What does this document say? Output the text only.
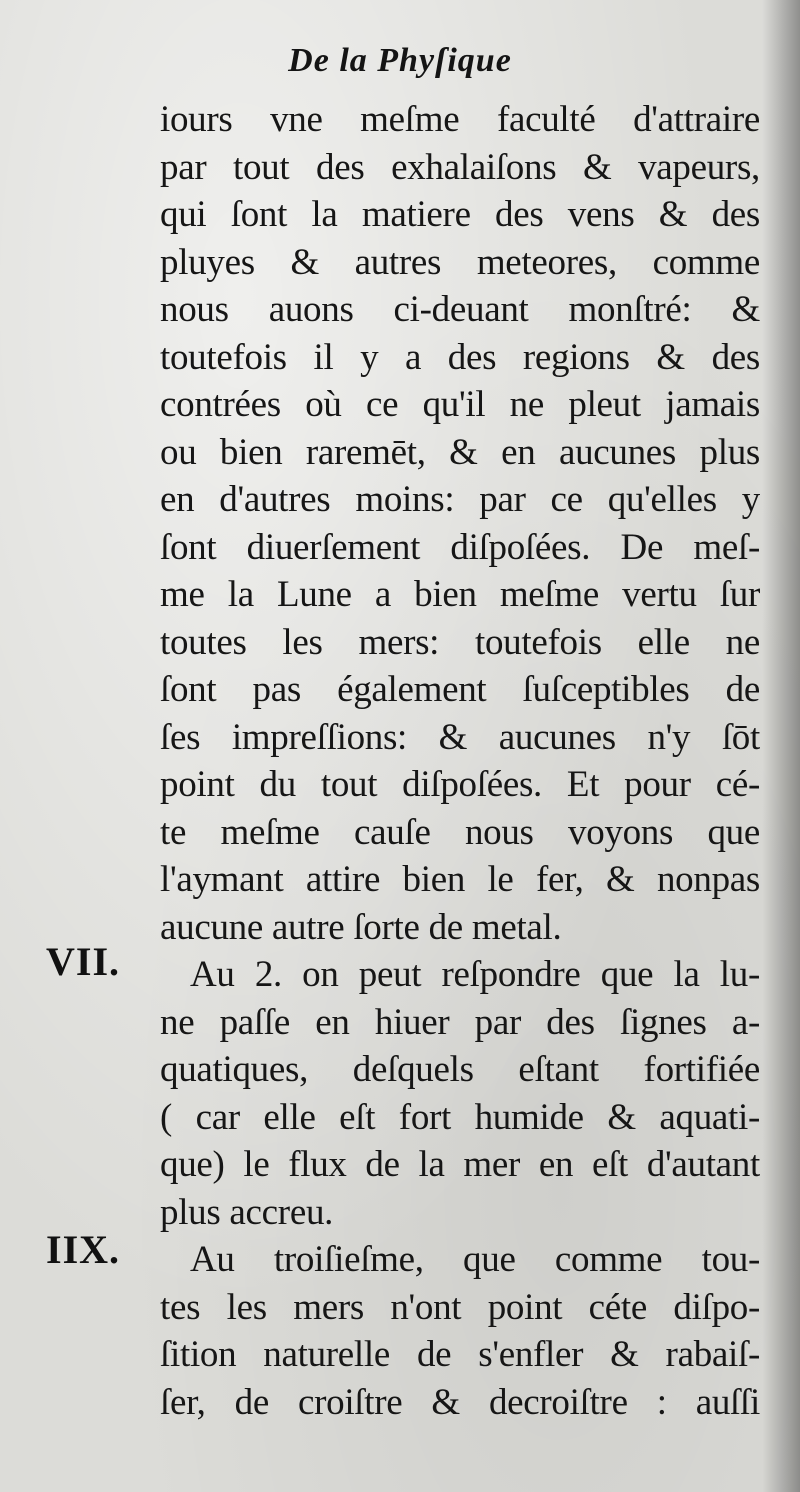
De la Phyſique
VII.
IIX.
iours vne meſme faculté d'attraire
par tout des exhalaiſons & vapeurs,
qui ſont la matiere des vens & des
pluyes & autres meteores, comme
nous auons ci-deuant monſtré: &
toutefois il y a des regions & des
contrées où ce qu'il ne pleut jamais
ou bien raremēt, & en aucunes plus
en d'autres moins: par ce qu'elles y
ſont diuerſement diſpoſées. De meſ-
me la Lune a bien meſme vertu ſur
toutes les mers: toutefois elle ne
ſont pas également ſuſceptibles de
ſes impreſſions: & aucunes n'y ſōt
point du tout diſpoſées. Et pour cé-
te meſme cauſe nous voyons que
l'aymant attire bien le fer, & nonpas
aucune autre ſorte de metal.
Au 2. on peut reſpondre que la lu-
ne paſſe en hiuer par des ſignes a-
quatiques, deſquels eſtant fortifiée
( car elle eſt fort humide & aquati-
que) le flux de la mer en eſt d'autant
plus accreu.
Au troiſieſme, que comme tou-
tes les mers n'ont point céte diſpo-
ſition naturelle de s'enfler & rabaiſ-
ſer, de croiſtre & decroiſtre : auſſi
